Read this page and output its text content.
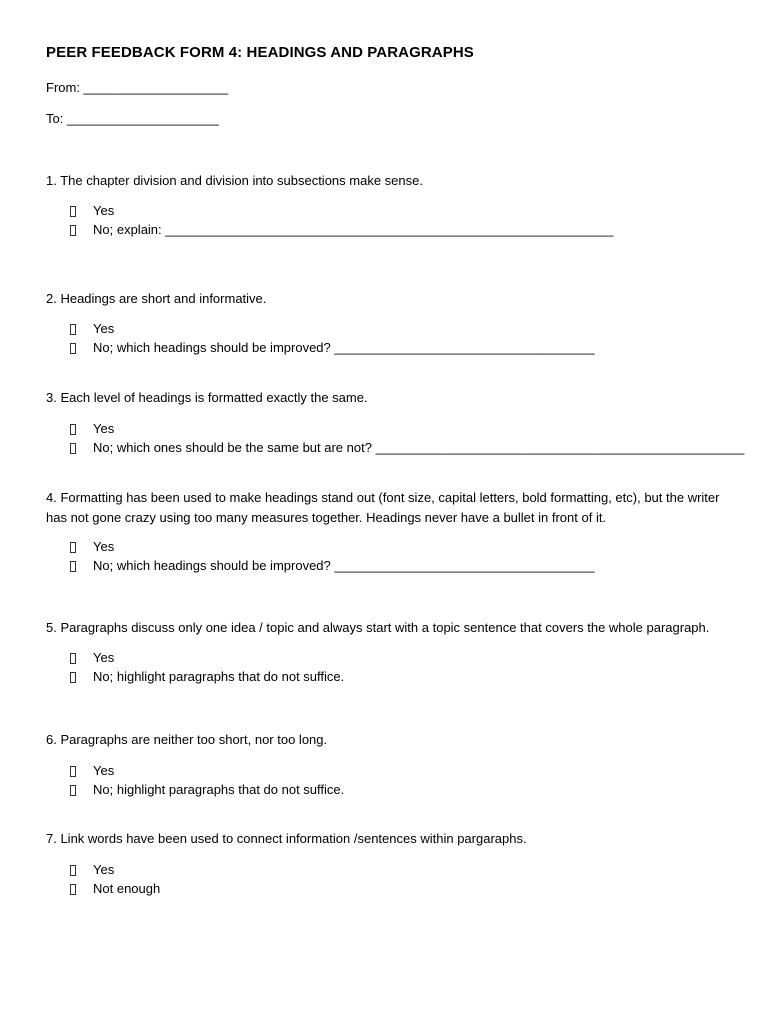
PEER FEEDBACK FORM 4: HEADINGS AND PARAGRAPHS
From: ____________________
To: _____________________
1. The chapter division and division into subsections make sense.
Yes
No; explain: ______________________________________________________________
2. Headings are short and informative.
Yes
No; which headings should be improved? ____________________________________
3. Each level of headings is formatted exactly the same.
Yes
No; which ones should be the same but are not? ___________________________________________________
4. Formatting has been used to make headings stand out (font size, capital letters, bold formatting, etc), but the writer has not gone crazy using too many measures together. Headings never have a bullet in front of it.
Yes
No; which headings should be improved? ____________________________________
5. Paragraphs discuss only one idea / topic and always start with a topic sentence that covers the whole paragraph.
Yes
No; highlight paragraphs that do not suffice.
6. Paragraphs are neither too short, nor too long.
Yes
No; highlight paragraphs that do not suffice.
7. Link words have been used to connect information /sentences within pargaraphs.
Yes
Not enough
